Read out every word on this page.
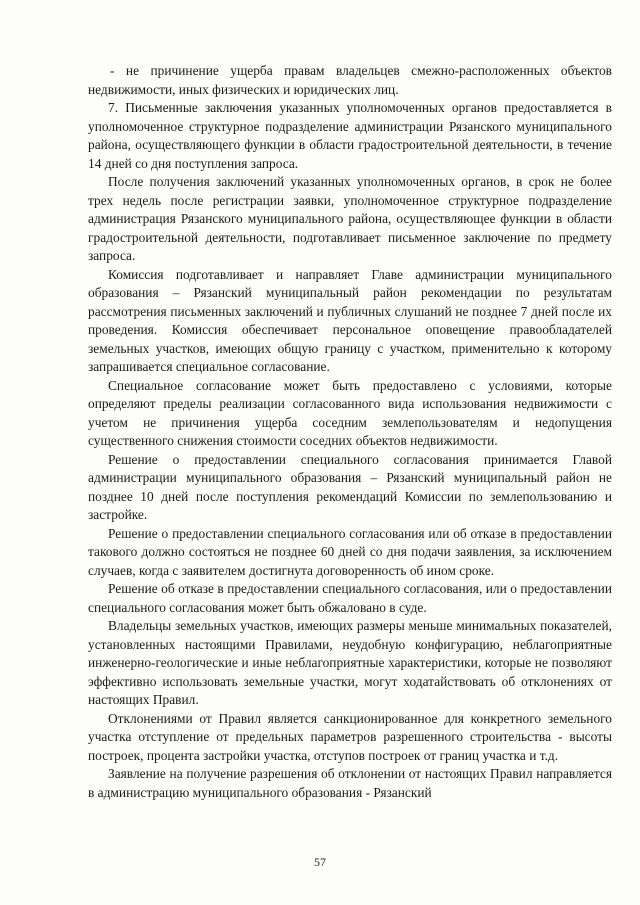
- не причинение ущерба правам владельцев смежно-расположенных объектов недвижимости, иных физических и юридических лиц.

7. Письменные заключения указанных уполномоченных органов предоставляется в уполномоченное структурное подразделение администрации Рязанского муниципального района, осуществляющего функции в области градостроительной деятельности, в течение 14 дней со дня поступления запроса.

После получения заключений указанных уполномоченных органов, в срок не более трех недель после регистрации заявки, уполномоченное структурное подразделение администрация Рязанского муниципального района, осуществляющее функции в области градостроительной деятельности, подготавливает письменное заключение по предмету запроса.

Комиссия подготавливает и направляет Главе администрации муниципального образования – Рязанский муниципальный район рекомендации по результатам рассмотрения письменных заключений и публичных слушаний не позднее 7 дней после их проведения. Комиссия обеспечивает персональное оповещение правообладателей земельных участков, имеющих общую границу с участком, применительно к которому запрашивается специальное согласование.

Специальное согласование может быть предоставлено с условиями, которые определяют пределы реализации согласованного вида использования недвижимости с учетом не причинения ущерба соседним землепользователям и недопущения существенного снижения стоимости соседних объектов недвижимости.

Решение о предоставлении специального согласования принимается Главой администрации муниципального образования – Рязанский муниципальный район не позднее 10 дней после поступления рекомендаций Комиссии по землепользованию и застройке.

Решение о предоставлении специального согласования или об отказе в предоставлении такового должно состояться не позднее 60 дней со дня подачи заявления, за исключением случаев, когда с заявителем достигнута договоренность об ином сроке.

Решение об отказе в предоставлении специального согласования, или о предоставлении специального согласования может быть обжаловано в суде.

Владельцы земельных участков, имеющих размеры меньше минимальных показателей, установленных настоящими Правилами, неудобную конфигурацию, неблагоприятные инженерно-геологические и иные неблагоприятные характеристики, которые не позволяют эффективно использовать земельные участки, могут ходатайствовать об отклонениях от настоящих Правил.

Отклонениями от Правил является санкционированное для конкретного земельного участка отступление от предельных параметров разрешенного строительства - высоты построек, процента застройки участка, отступов построек от границ участка и т.д.

Заявление на получение разрешения об отклонении от настоящих Правил направляется в администрацию муниципального образования - Рязанский

57
